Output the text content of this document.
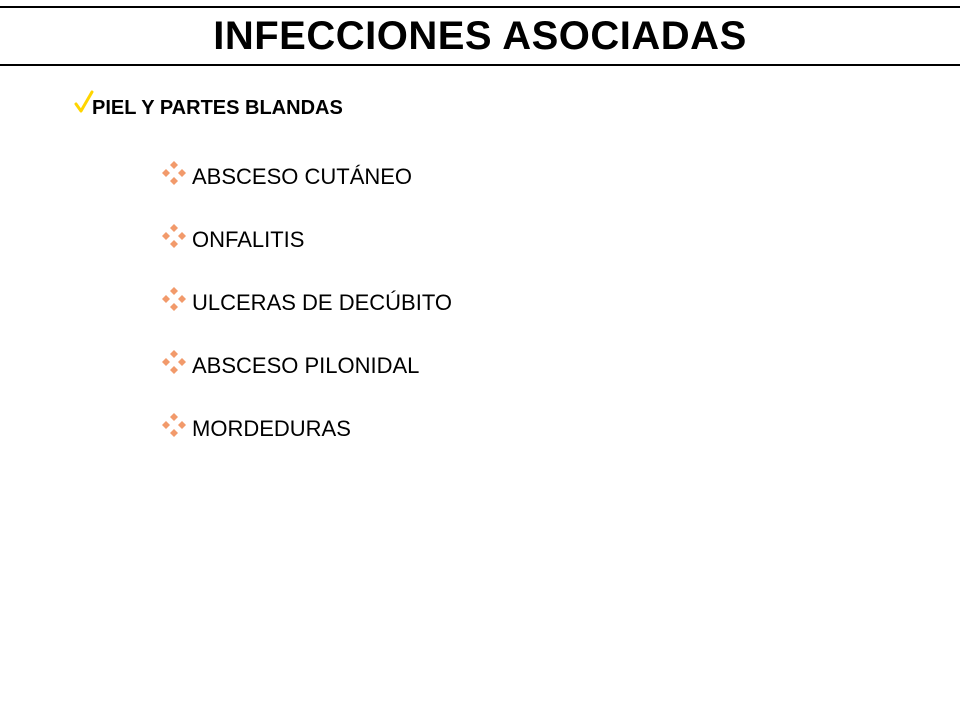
INFECCIONES ASOCIADAS
PIEL Y PARTES BLANDAS
ABSCESO CUTÁNEO
ONFALITIS
ULCERAS DE DECÚBITO
ABSCESO PILONIDAL
MORDEDURAS
